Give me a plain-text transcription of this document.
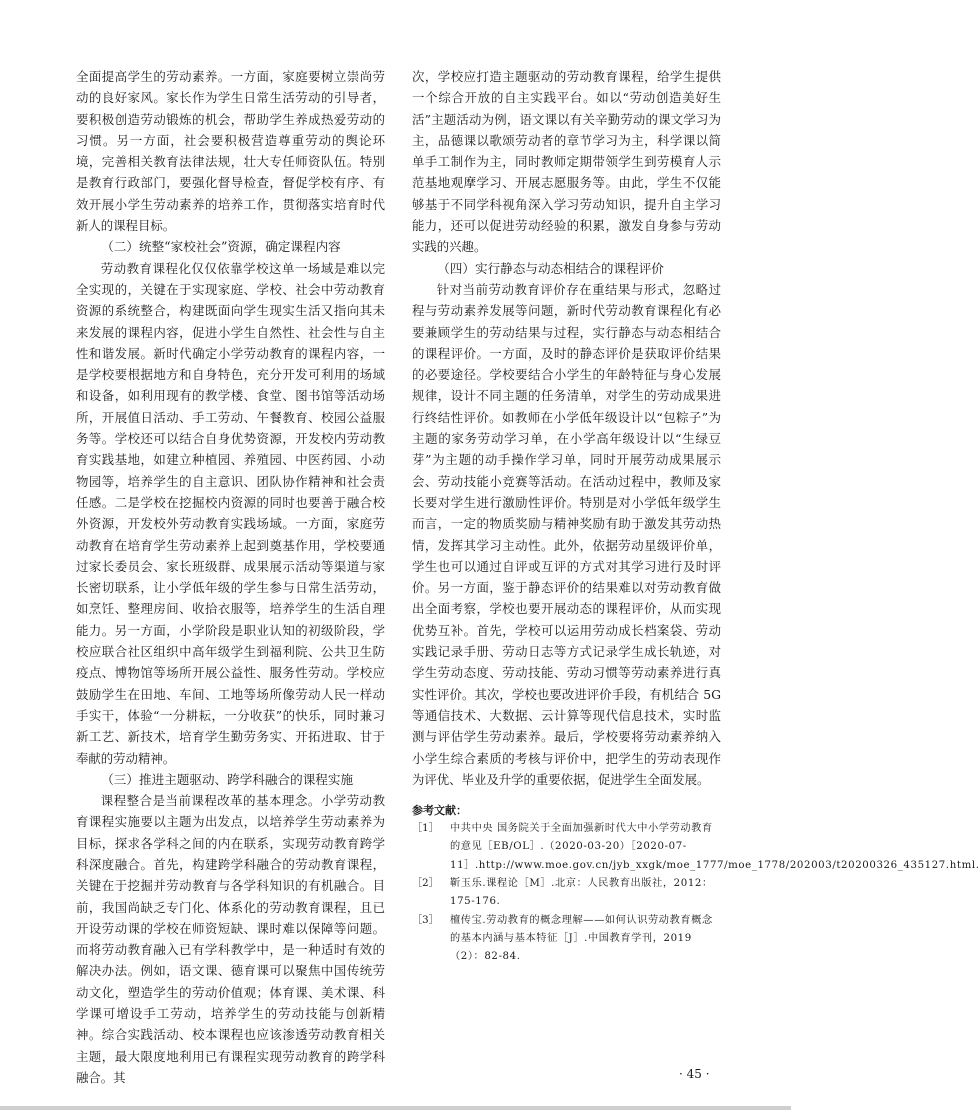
全面提高学生的劳动素养。一方面，家庭要树立崇尚劳动的良好家风。家长作为学生日常生活劳动的引导者，要积极创造劳动锻炼的机会，帮助学生养成热爱劳动的习惯。另一方面，社会要积极营造尊重劳动的舆论环境，完善相关教育法律法规，壮大专任师资队伍。特别是教育行政部门，要强化督导检查，督促学校有序、有效开展小学生劳动素养的培养工作，贯彻落实培育时代新人的课程目标。

（二）统整“家校社会”资源，确定课程内容

劳动教育课程化仅仅依靠学校这单一场域是难以完全实现的，关键在于实现家庭、学校、社会中劳动教育资源的系统整合，构建既面向学生现实生活又指向其未来发展的课程内容，促进小学生自然性、社会性与自主性和谐发展。新时代确定小学劳动教育的课程内容，一是学校要根据地方和自身特色，充分开发可利用的场域和设备，如利用现有的教学楼、食堂、图书馆等活动场所，开展值日活动、手工劳动、午餐教育、校园公益服务等。学校还可以结合自身优势资源，开发校内劳动教育实践基地，如建立种植园、养殖园、中医药园、小动物园等，培养学生的自主意识、团队协作精神和社会责任感。二是学校在挖掘校内资源的同时也要善于融合校外资源，开发校外劳动教育实践场域。一方面，家庭劳动教育在培育学生劳动素养上起到奠基作用，学校要通过家长委员会、家长班级群、成果展示活动等渠道与家长密切联系，让小学低年级的学生参与日常生活劳动，如烹饪、整理房间、收拾衣服等，培养学生的生活自理能力。另一方面，小学阶段是职业认知的初级阶段，学校应联合社区组织中高年级学生到福利院、公共卫生防疫点、博物馆等场所开展公益性、服务性劳动。学校应鼓励学生在田地、车间、工地等场所像劳动人民一样动手实干，体验“一分耕耘，一分收获”的快乐，同时兼习新工艺、新技术，培育学生勤劳务实、开拓进取、甘于奉献的劳动精神。

（三）推进主题驱动、跨学科融合的课程实施

课程整合是当前课程改革的基本理念。小学劳动教育课程实施要以主题为出发点，以培养学生劳动素养为目标，探求各学科之间的内在联系，实现劳动教育跨学科深度融合。首先，构建跨学科融合的劳动教育课程，关键在于挖掘并劳动教育与各学科知识的有机融合。目前，我国尚缺乏专门化、体系化的劳动教育课程，且已开设劳动课的学校在师资短缺、课时难以保障等问题。而将劳动教育融入已有学科教学中，是一种适时有效的解决办法。例如，语文课、德育课可以聚焦中国传统劳动文化，塑造学生的劳动价值观；体育课、美术课、科学课可增设手工劳动，培养学生的劳动技能与创新精神。综合实践活动、校本课程也应该渗透劳动教育相关主题，最大限度地利用已有课程实现劳动教育的跨学科融合。其

次，学校应打造主题驱动的劳动教育课程，给学生提供一个综合开放的自主实践平台。如以“劳动创造美好生活”主题活动为例，语文课以有关辛勤劳动的课文学习为主，品德课以歌颂劳动者的章节学习为主，科学课以简单手工制作为主，同时教师定期带领学生到劳模育人示范基地观摩学习、开展志愿服务等。由此，学生不仅能够基于不同学科视角深入学习劳动知识，提升自主学习能力，还可以促进劳动经验的积累，激发自身参与劳动实践的兴趣。

（四）实行静态与动态相结合的课程评价

针对当前劳动教育评价存在重结果与形式，忽略过程与劳动素养发展等问题，新时代劳动教育课程化有必要兼顾学生的劳动结果与过程，实行静态与动态相结合的课程评价。一方面，及时的静态评价是获取评价结果的必要途径。学校要结合小学生的年龄特征与身心发展规律，设计不同主题的任务清单，对学生的劳动成果进行终结性评价。如教师在小学低年级设计以“包粽子”为主题的家务劳动学习单，在小学高年级设计以“生绿豆芽”为主题的动手操作学习单，同时开展劳动成果展示会、劳动技能小竞赛等活动。在活动过程中，教师及家长要对学生进行激励性评价。特别是对小学低年级学生而言，一定的物质奖励与精神奖励有助于激发其劳动热情，发挥其学习主动性。此外，依据劳动星级评价单，学生也可以通过自评或互评的方式对其学习进行及时评价。另一方面，鉴于静态评价的结果难以对劳动教育做出全面考察，学校也要开展动态的课程评价，从而实现优势互补。首先，学校可以运用劳动成长档案袋、劳动实践记录手册、劳动日志等方式记录学生成长轨迹，对学生劳动态度、劳动技能、劳动习惯等劳动素养进行真实性评价。其次，学校也要改进评价手段，有机结合 5G 等通信技术、大数据、云计算等现代信息技术，实时监测与评估学生劳动素养。最后，学校要将劳动素养纳入小学生综合素质的考核与评价中，把学生的劳动表现作为评优、毕业及升学的重要依据，促进学生全面发展。

参考文献：
［1］ 中共中央 国务院关于全面加强新时代大中小学劳动教育的意见［EB/OL］.（2020-03-20）［2020-07-11］.http://www.moe.gov.cn/jyb_xxgk/moe_1777/moe_1778/202003/t20200326_435127.html.
［2］ 靳玉乐.课程论［M］.北京：人民教育出版社，2012：175-176.
［3］ 檀传宝.劳动教育的概念理解——如何认识劳动教育概念的基本内涵与基本特征［J］.中国教育学刊，2019（2）：82-84.
· 45 ·
